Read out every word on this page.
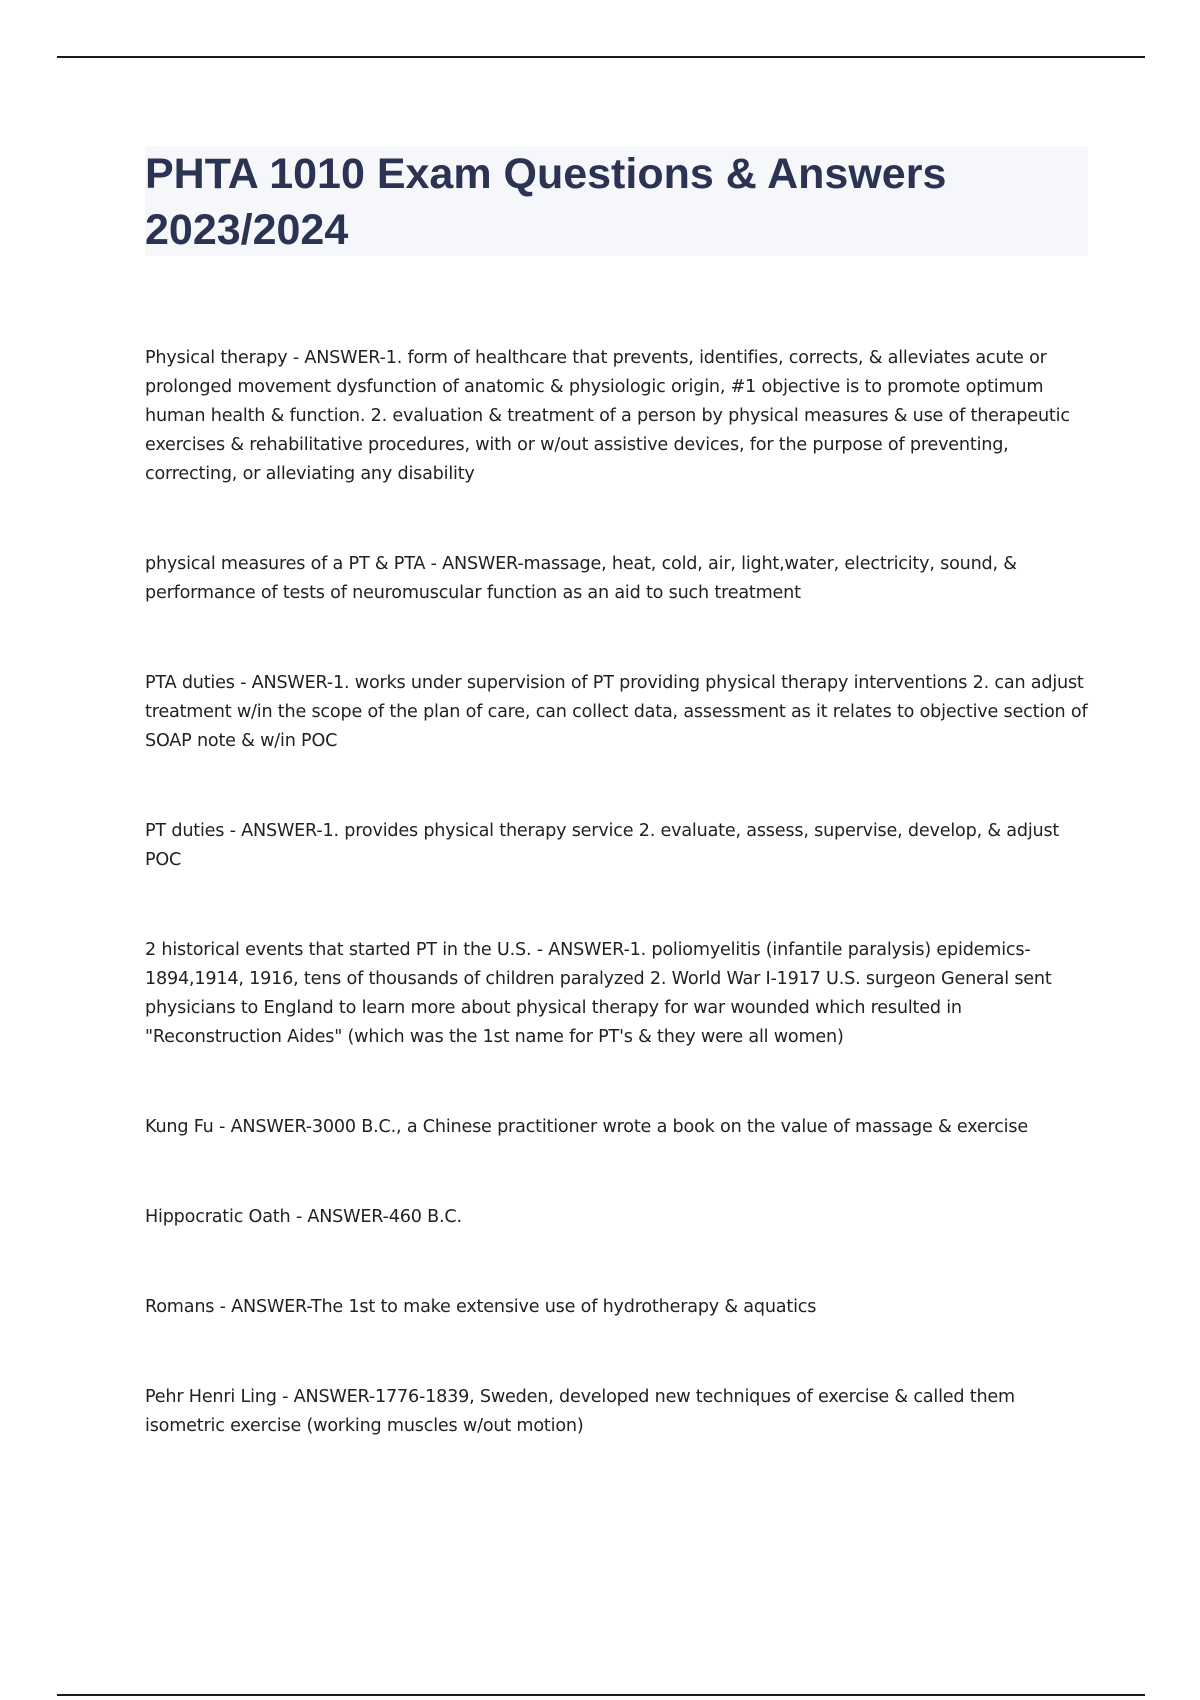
PHTA 1010 Exam Questions & Answers 2023/2024

Physical therapy - ANSWER-1. form of healthcare that prevents, identifies, corrects, & alleviates acute or prolonged movement dysfunction of anatomic & physiologic origin, #1 objective is to promote optimum human health & function. 2. evaluation & treatment of a person by physical measures & use of therapeutic exercises & rehabilitative procedures, with or w/out assistive devices, for the purpose of preventing, correcting, or alleviating any disability

physical measures of a PT & PTA - ANSWER-massage, heat, cold, air, light,water, electricity, sound, & performance of tests of neuromuscular function as an aid to such treatment

PTA duties - ANSWER-1. works under supervision of PT providing physical therapy interventions 2. can adjust treatment w/in the scope of the plan of care, can collect data, assessment as it relates to objective section of SOAP note & w/in POC

PT duties - ANSWER-1. provides physical therapy service 2. evaluate, assess, supervise, develop, & adjust POC

2 historical events that started PT in the U.S. - ANSWER-1. poliomyelitis (infantile paralysis) epidemics-1894,1914, 1916, tens of thousands of children paralyzed 2. World War I-1917 U.S. surgeon General sent physicians to England to learn more about physical therapy for war wounded which resulted in "Reconstruction Aides" (which was the 1st name for PT's & they were all women)

Kung Fu - ANSWER-3000 B.C., a Chinese practitioner wrote a book on the value of massage & exercise

Hippocratic Oath - ANSWER-460 B.C.

Romans - ANSWER-The 1st to make extensive use of hydrotherapy & aquatics

Pehr Henri Ling - ANSWER-1776-1839, Sweden, developed new techniques of exercise & called them isometric exercise (working muscles w/out motion)
